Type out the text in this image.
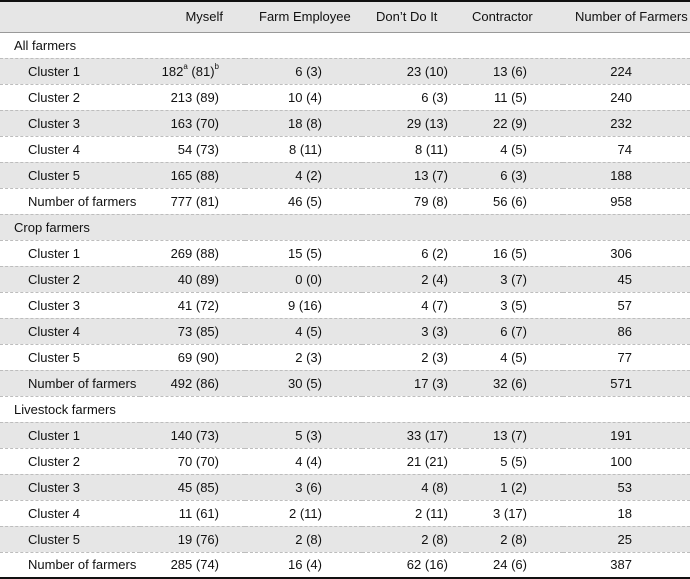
	Myself	Farm Employee	Don’t Do It	Contractor	Number of Farmers
All farmers					
Cluster 1	182$^a$ $(81)^b$	6 (3)	23 (10)	13 (6)	224
Cluster 2	213 (89)	10 (4)	6 (3)	11 (5)	240
Cluster 3	163 (70)	18 (8)	29 (13)	22 (9)	232
Cluster 4	54 (73)	8 (11)	8 (11)	4 (5)	74
Cluster 5	165 (88)	4 (2)	13 (7)	6 (3)	188
Number of farmers	777 (81)	46 (5)	79 (8)	56 (6)	958
Crop farmers					
Cluster 1	269 (88)	15 (5)	6 (2)	16 (5)	306
Cluster 2	40 (89)	0 (0)	2 (4)	3 (7)	45
Cluster 3	41 (72)	9 (16)	4 (7)	3 (5)	57
Cluster 4	73 (85)	4 (5)	3 (3)	6 (7)	86
Cluster 5	69 (90)	2 (3)	2 (3)	4 (5)	77
Number of farmers	492 (86)	30 (5)	17 (3)	32 (6)	571
Livestock farmers					
Cluster 1	140 (73)	5 (3)	33 (17)	13 (7)	191
Cluster 2	70 (70)	4 (4)	21 (21)	5 (5)	100
Cluster 3	45 (85)	3 (6)	4 (8)	1 (2)	53
Cluster 4	11 (61)	2 (11)	2 (11)	3 (17)	18
Cluster 5	19 (76)	2 (8)	2 (8)	2 (8)	25
Number of farmers	285 (74)	16 (4)	62 (16)	24 (6)	387
